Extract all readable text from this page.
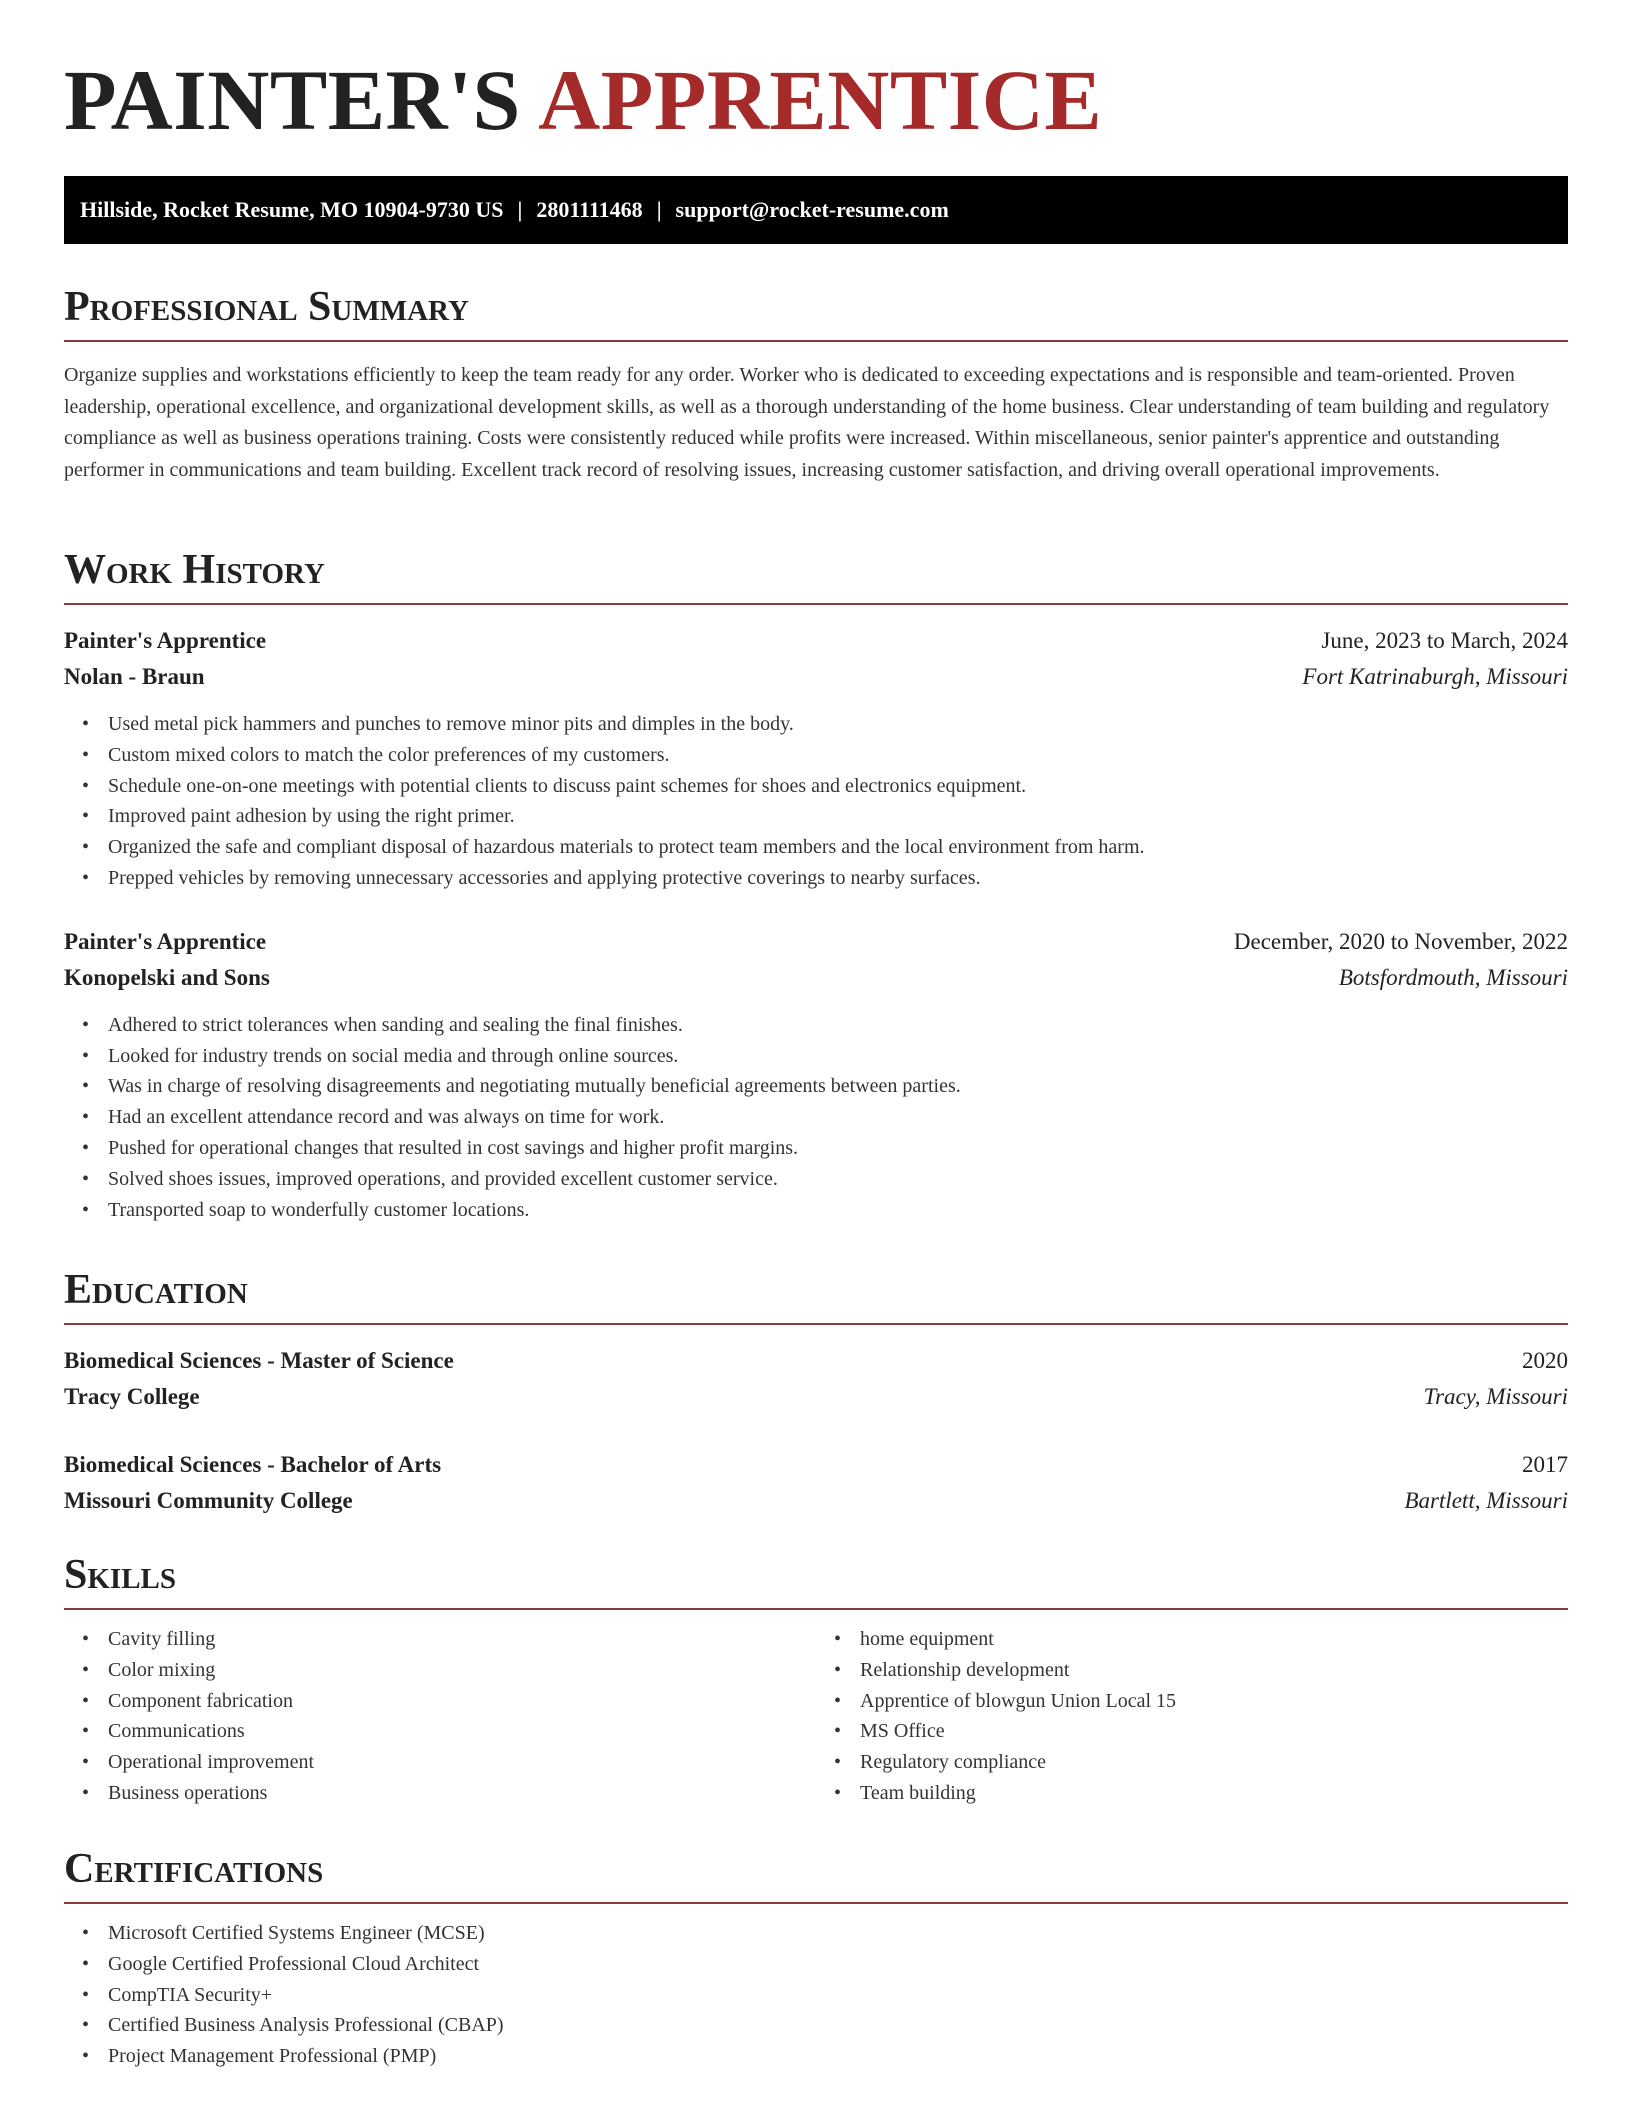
PAINTER'S APPRENTICE
Hillside, Rocket Resume, MO 10904-9730 US | 2801111468 | support@rocket-resume.com
Professional Summary

Organize supplies and workstations efficiently to keep the team ready for any order. Worker who is dedicated to exceeding expectations and is responsible and team-oriented. Proven leadership, operational excellence, and organizational development skills, as well as a thorough understanding of the home business. Clear understanding of team building and regulatory compliance as well as business operations training. Costs were consistently reduced while profits were increased. Within miscellaneous, senior painter's apprentice and outstanding performer in communications and team building. Excellent track record of resolving issues, increasing customer satisfaction, and driving overall operational improvements.

Work History
Painter's Apprentice	June, 2023 to March, 2024
Nolan - Braun	Fort Katrinaburgh, Missouri
• Used metal pick hammers and punches to remove minor pits and dimples in the body.
• Custom mixed colors to match the color preferences of my customers.
• Schedule one-on-one meetings with potential clients to discuss paint schemes for shoes and electronics equipment.
• Improved paint adhesion by using the right primer.
• Organized the safe and compliant disposal of hazardous materials to protect team members and the local environment from harm.
• Prepped vehicles by removing unnecessary accessories and applying protective coverings to nearby surfaces.
Painter's Apprentice	December, 2020 to November, 2022
Konopelski and Sons	Botsfordmouth, Missouri
• Adhered to strict tolerances when sanding and sealing the final finishes.
• Looked for industry trends on social media and through online sources.
• Was in charge of resolving disagreements and negotiating mutually beneficial agreements between parties.
• Had an excellent attendance record and was always on time for work.
• Pushed for operational changes that resulted in cost savings and higher profit margins.
• Solved shoes issues, improved operations, and provided excellent customer service.
• Transported soap to wonderfully customer locations.
Education
Biomedical Sciences - Master of Science	2020
Tracy College	Tracy, Missouri
Biomedical Sciences - Bachelor of Arts	2017
Missouri Community College	Bartlett, Missouri
Skills
• Cavity filling
• Color mixing
• Component fabrication
• Communications
• Operational improvement
• Business operations
• home equipment
• Relationship development
• Apprentice of blowgun Union Local 15
• MS Office
• Regulatory compliance
• Team building
Certifications
• Microsoft Certified Systems Engineer (MCSE)
• Google Certified Professional Cloud Architect
• CompTIA Security+
• Certified Business Analysis Professional (CBAP)
• Project Management Professional (PMP)
